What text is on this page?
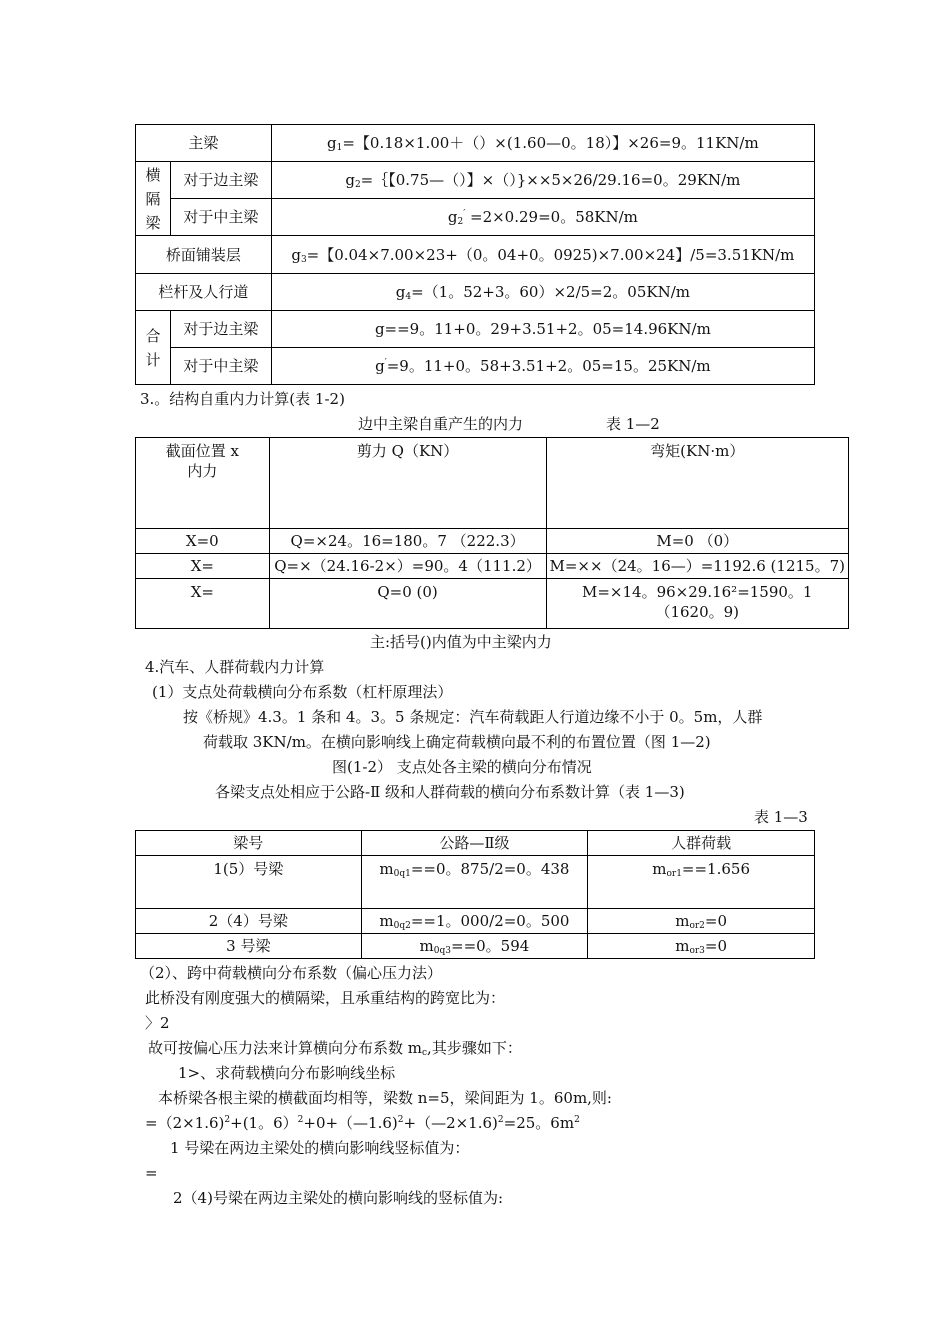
主梁		$g_1=$【0.18×1.00＋（）×(1.60—0。18）】×26=9。11KN/m
横
隔
梁	对于边主梁	$g_2=\{$【0.75—（）】×（）}××5×26/29.16=0。29KN/m
	对于中主梁	$g_2' =2\times 0.29=0$。58KN/m
桥面铺装层		$g_3=$【0.04×7.00×23+（0。04+0。0925)×7.00×24】/5=3.51KN/m
栏杆及人行道		$g_4=(1$。52+3。60）×2/5=2。05KN/m
合
计	对于边主梁	g==9。11+0。29+3.51+2。05=14.96KN/m
	对于中主梁	g′=9。11+0。58+3.51+2。05=15。25KN/m
3.。结构自重内力计算(表 1-2)
边中主梁自重产生的内力	表 1—2
截面位置 x
内力	剪力 Q（KN）	弯矩(KN·m）
X=0	Q=×24。16=180。7 （222.3）	M=0 （0）
X=	Q=×（24.16-2×）=90。4（111.2）	M=××（24。16—）=1192.6 (1215。7)
X=	Q=0 (0)	M=×14。96×29.16²=1590。1
（1620。9)
主:括号()内值为中主梁内力
4.汽车、人群荷载内力计算
(1）支点处荷载横向分布系数（杠杆原理法）
按《桥规》4.3。1 条和 4。3。5 条规定：汽车荷载距人行道边缘不小于 0。5m，人群
荷载取 3KN/m。在横向影响线上确定荷载横向最不利的布置位置（图 1—2)
图(1-2） 支点处各主梁的横向分布情况
各梁支点处相应于公路-Ⅱ 级和人群荷载的横向分布系数计算（表 1—3)
表 1—3
梁号	公路—Ⅱ级	人群荷载
1(5）号梁	$m_{0q1}==0$。875/2=0。438	$m_{or1}==1.656$
2（4）号梁	$m_{0q2}==1$。000/2=0。500	$m_{or2}=0$
3 号梁	$m_{0q3}==0$。594	$m_{or3}=0$
（2）、跨中荷载横向分布系数（偏心压力法）
此桥没有刚度强大的横隔梁，且承重结构的跨宽比为：
〉2
故可按偏心压力法来计算横向分布系数 $m_c$,其步骤如下：
1>、求荷载横向分布影响线坐标
本桥梁各根主梁的横截面均相等，梁数 n=5，梁间距为 1。60m,则:
=（2×1.6)$^2$+(1。6）$^2$+0+（—1.6)$^2$+（—2×1.6)$^2$=25。$6m^2$
1 号梁在两边主梁处的横向影响线竖标值为：
=
2（4)号梁在两边主梁处的横向影响线的竖标值为:
